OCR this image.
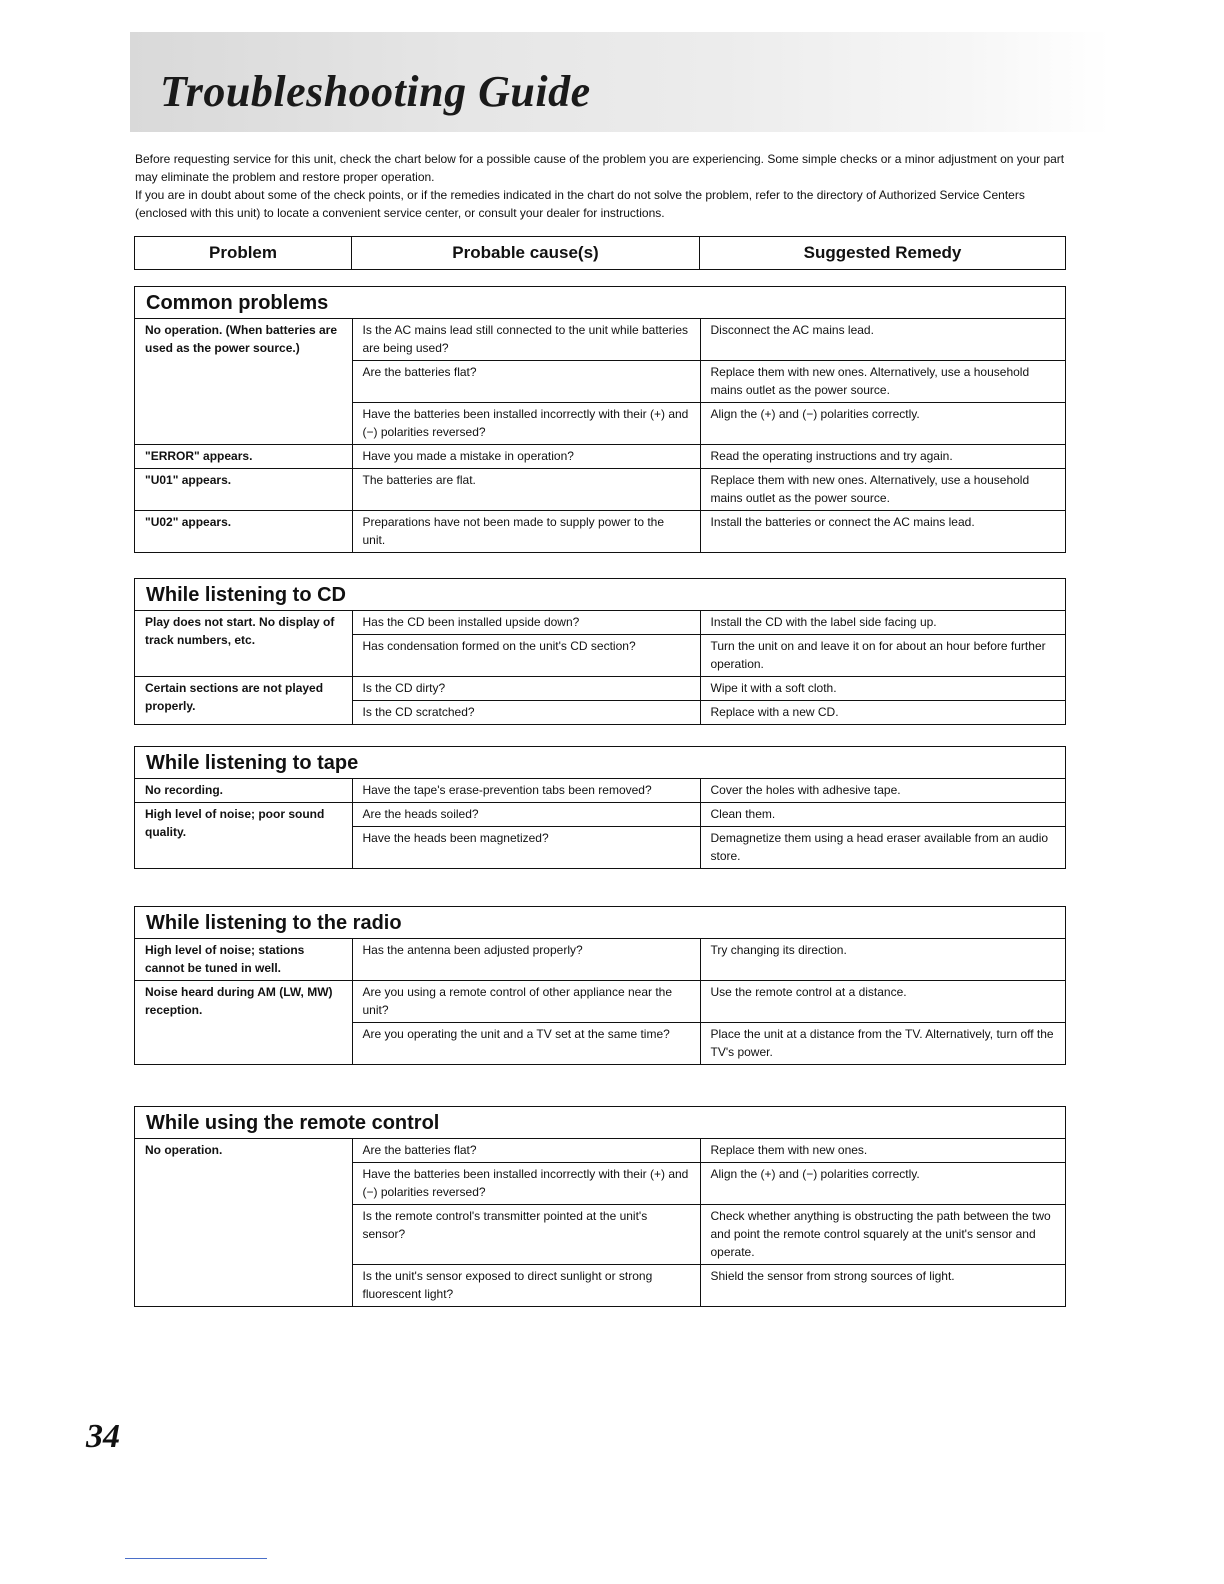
Troubleshooting Guide

Before requesting service for this unit, check the chart below for a possible cause of the problem you are experiencing. Some simple checks or a minor adjustment on your part may eliminate the problem and restore proper operation.

If you are in doubt about some of the check points, or if the remedies indicated in the chart do not solve the problem, refer to the directory of Authorized Service Centers (enclosed with this unit) to locate a convenient service center, or consult your dealer for instructions.

Problem	Probable cause(s)	Suggested Remedy
Common problems
No operation. (When batteries are used as the power source.)	Is the AC mains lead still connected to the unit while batteries are being used?	Disconnect the AC mains lead.
	Are the batteries flat?	Replace them with new ones. Alternatively, use a household mains outlet as the power source.
	Have the batteries been installed incorrectly with their (+) and (−) polarities reversed?	Align the (+) and (−) polarities correctly.
"ERROR" appears.	Have you made a mistake in operation?	Read the operating instructions and try again.
"U01" appears.	The batteries are flat.	Replace them with new ones. Alternatively, use a household mains outlet as the power source.
"U02" appears.	Preparations have not been made to supply power to the unit.	Install the batteries or connect the AC mains lead.
While listening to CD
Play does not start. No display of track numbers, etc.	Has the CD been installed upside down?	Install the CD with the label side facing up.
	Has condensation formed on the unit's CD section?	Turn the unit on and leave it on for about an hour before further operation.
Certain sections are not played properly.	Is the CD dirty?	Wipe it with a soft cloth.
	Is the CD scratched?	Replace with a new CD.
While listening to tape
No recording.	Have the tape's erase-prevention tabs been removed?	Cover the holes with adhesive tape.
High level of noise; poor sound quality.	Are the heads soiled?	Clean them.
	Have the heads been magnetized?	Demagnetize them using a head eraser available from an audio store.
While listening to the radio
High level of noise; stations cannot be tuned in well.	Has the antenna been adjusted properly?	Try changing its direction.
Noise heard during AM (LW, MW) reception.	Are you using a remote control of other appliance near the unit?	Use the remote control at a distance.
	Are you operating the unit and a TV set at the same time?	Place the unit at a distance from the TV. Alternatively, turn off the TV's power.
While using the remote control
No operation.	Are the batteries flat?	Replace them with new ones.
	Have the batteries been installed incorrectly with their (+) and (−) polarities reversed?	Align the (+) and (−) polarities correctly.
	Is the remote control's transmitter pointed at the unit's sensor?	Check whether anything is obstructing the path between the two and point the remote control squarely at the unit's sensor and operate.
	Is the unit's sensor exposed to direct sunlight or strong fluorescent light?	Shield the sensor from strong sources of light.
34
